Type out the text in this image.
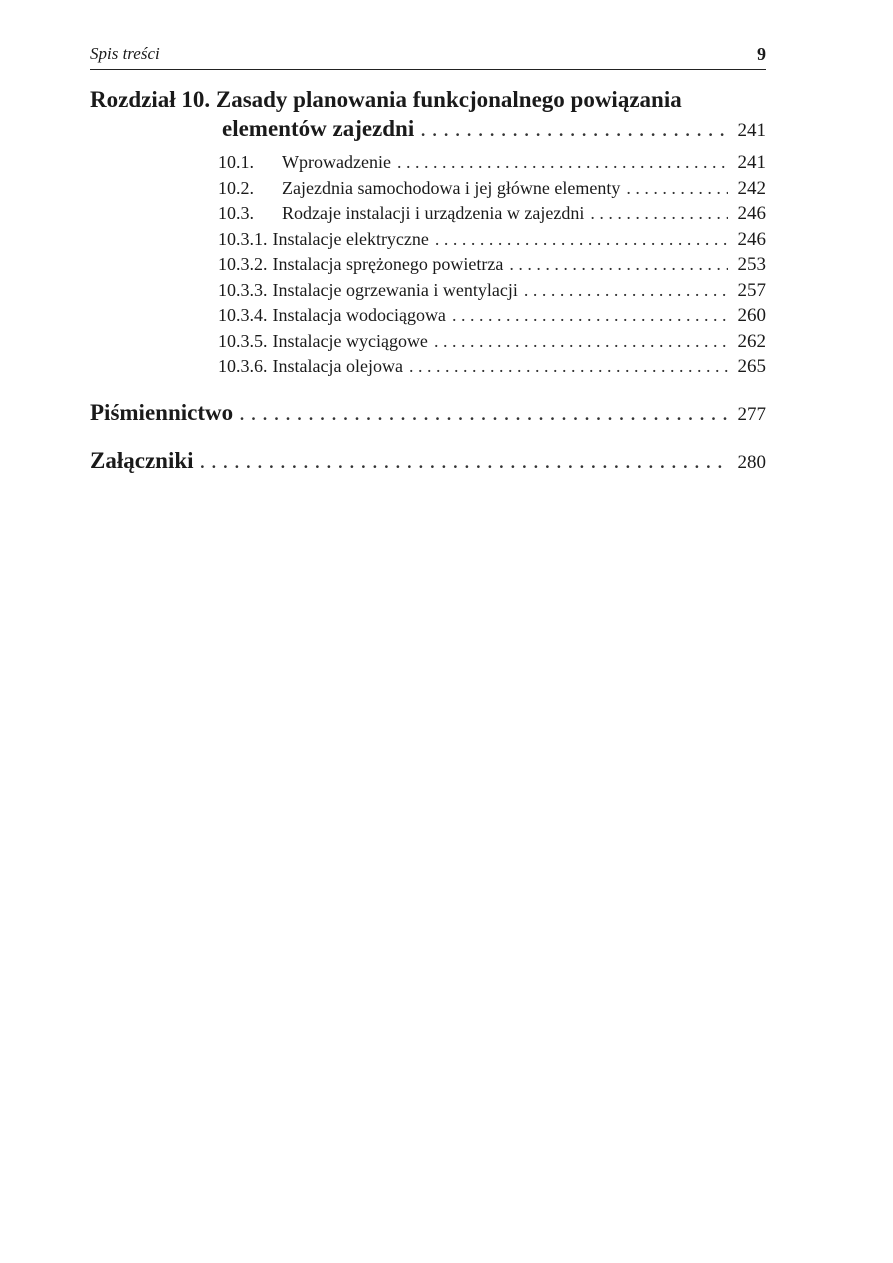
Spis treści	9
Rozdział 10. Zasady planowania funkcjonalnego powiązania
elementów zajezdni . . .	241
10.1. Wprowadzenie . . .	241
10.2. Zajezdnia samochodowa i jej główne elementy . . .	242
10.3. Rodzaje instalacji i urządzenia w zajezdni . . .	246
10.3.1. Instalacje elektryczne . . .	246
10.3.2. Instalacja sprężonego powietrza . . .	253
10.3.3. Instalacje ogrzewania i wentylacji . . .	257
10.3.4. Instalacja wodociągowa . . .	260
10.3.5. Instalacje wyciągowe . . .	262
10.3.6. Instalacja olejowa . . .	265
Piśmiennictwo . . .	277
Załączniki . . .	280
